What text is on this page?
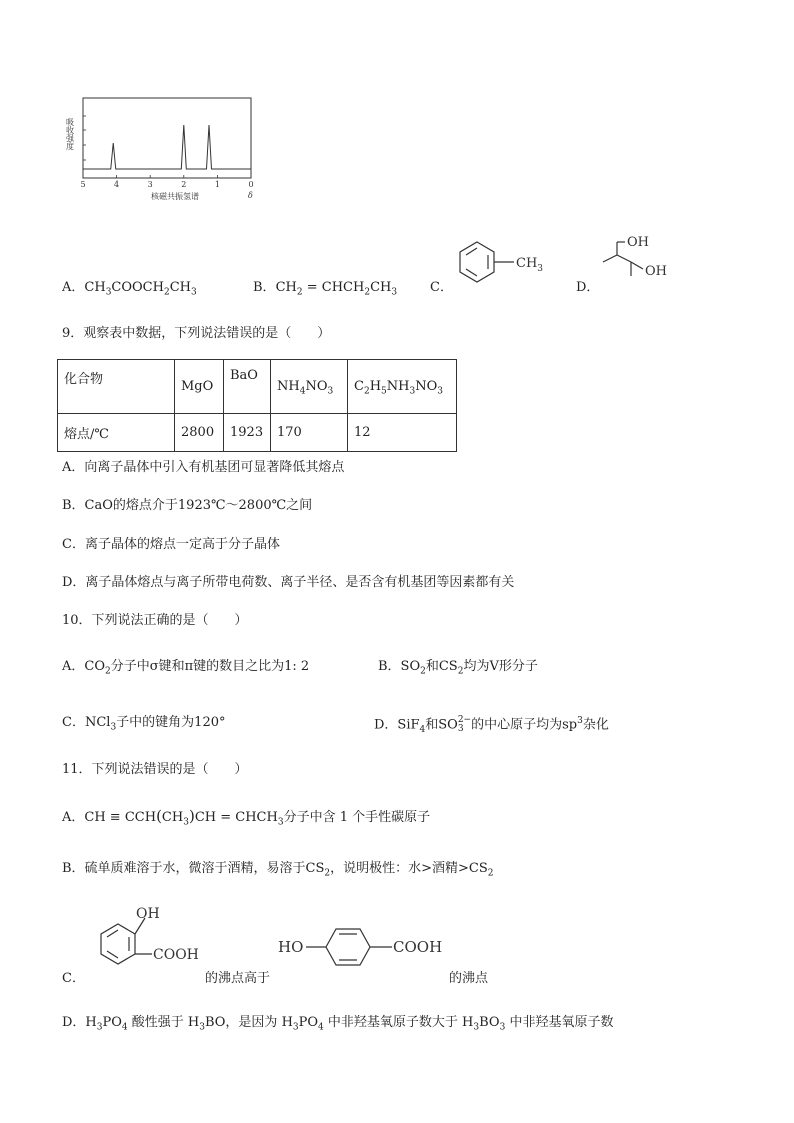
吸收强度
5	4	3	2	1	0
核磁共振氢谱	δ
A．$CH_3COOCH_2CH_3$	B．$CH_2$ = $CHCH_2CH_3$	C．
$CH_3$
D．
OH
OH
9．观察表中数据，下列说法错误的是（　　）
化合物	MgO	BaO	$NH_4NO_3$	$C_2H_5NH_3NO_3$
熔点/℃	2800	1923	170	12
A．向离子晶体中引入有机基团可显著降低其熔点
B．CaO的熔点介于1923℃～2800℃之间
C．离子晶体的熔点一定高于分子晶体
D．离子晶体熔点与离子所带电荷数、离子半径、是否含有机基团等因素都有关
10．下列说法正确的是（　　）
A．$CO_2$分子中σ键和π键的数目之比为1: 2	B．$SO_2$和$CS_2$均为V形分子
C．NCl$_3$子中的键角为120°	D．SiF$_4$和SO 2−
3 的中心原子均为$sp^3$杂化
11．下列说法错误的是（　　）
A．CH ≡ $CCH(CH_3)CH$ = $CHCH_3$分子中含 1 个手性碳原子
B．硫单质难溶于水，微溶于酒精，易溶于$CS_2$，说明极性：水>酒精$>CS_2$
C．
OH
COOH
的沸点高于
HO	COOH
的沸点
D．$H_3PO_4$ 酸性强于 $H_3BO$，是因为 $H_3PO_4$ 中非羟基氧原子数大于 $H_3BO_3$ 中非羟基氧原子数
